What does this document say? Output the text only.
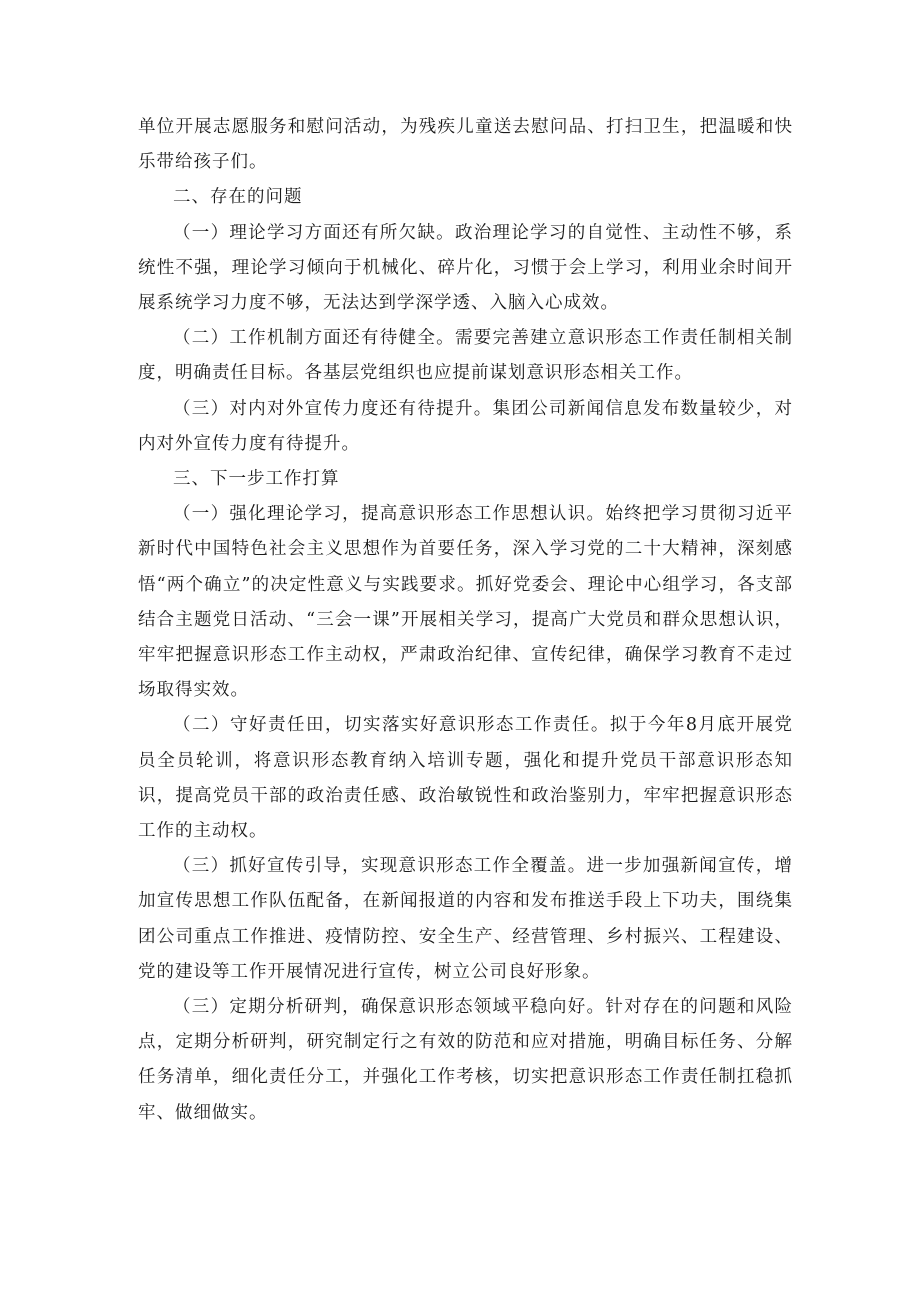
单位开展志愿服务和慰问活动，为残疾儿童送去慰问品、打扫卫生，把温暖和快乐带给孩子们。

二、存在的问题

（一）理论学习方面还有所欠缺。政治理论学习的自觉性、主动性不够，系统性不强，理论学习倾向于机械化、碎片化，习惯于会上学习，利用业余时间开展系统学习力度不够，无法达到学深学透、入脑入心成效。

（二）工作机制方面还有待健全。需要完善建立意识形态工作责任制相关制度，明确责任目标。各基层党组织也应提前谋划意识形态相关工作。

（三）对内对外宣传力度还有待提升。集团公司新闻信息发布数量较少，对内对外宣传力度有待提升。

三、下一步工作打算

（一）强化理论学习，提高意识形态工作思想认识。始终把学习贯彻习近平新时代中国特色社会主义思想作为首要任务，深入学习党的二十大精神，深刻感悟“两个确立”的决定性意义与实践要求。抓好党委会、理论中心组学习，各支部结合主题党日活动、“三会一课”开展相关学习，提高广大党员和群众思想认识，牢牢把握意识形态工作主动权，严肃政治纪律、宣传纪律，确保学习教育不走过场取得实效。

（二）守好责任田，切实落实好意识形态工作责任。拟于今年8月底开展党员全员轮训，将意识形态教育纳入培训专题，强化和提升党员干部意识形态知识，提高党员干部的政治责任感、政治敏锐性和政治鉴别力，牢牢把握意识形态工作的主动权。

（三）抓好宣传引导，实现意识形态工作全覆盖。进一步加强新闻宣传，增加宣传思想工作队伍配备，在新闻报道的内容和发布推送手段上下功夫，围绕集团公司重点工作推进、疫情防控、安全生产、经营管理、乡村振兴、工程建设、党的建设等工作开展情况进行宣传，树立公司良好形象。

（三）定期分析研判，确保意识形态领域平稳向好。针对存在的问题和风险点，定期分析研判，研究制定行之有效的防范和应对措施，明确目标任务、分解任务清单，细化责任分工，并强化工作考核，切实把意识形态工作责任制扛稳抓牢、做细做实。
